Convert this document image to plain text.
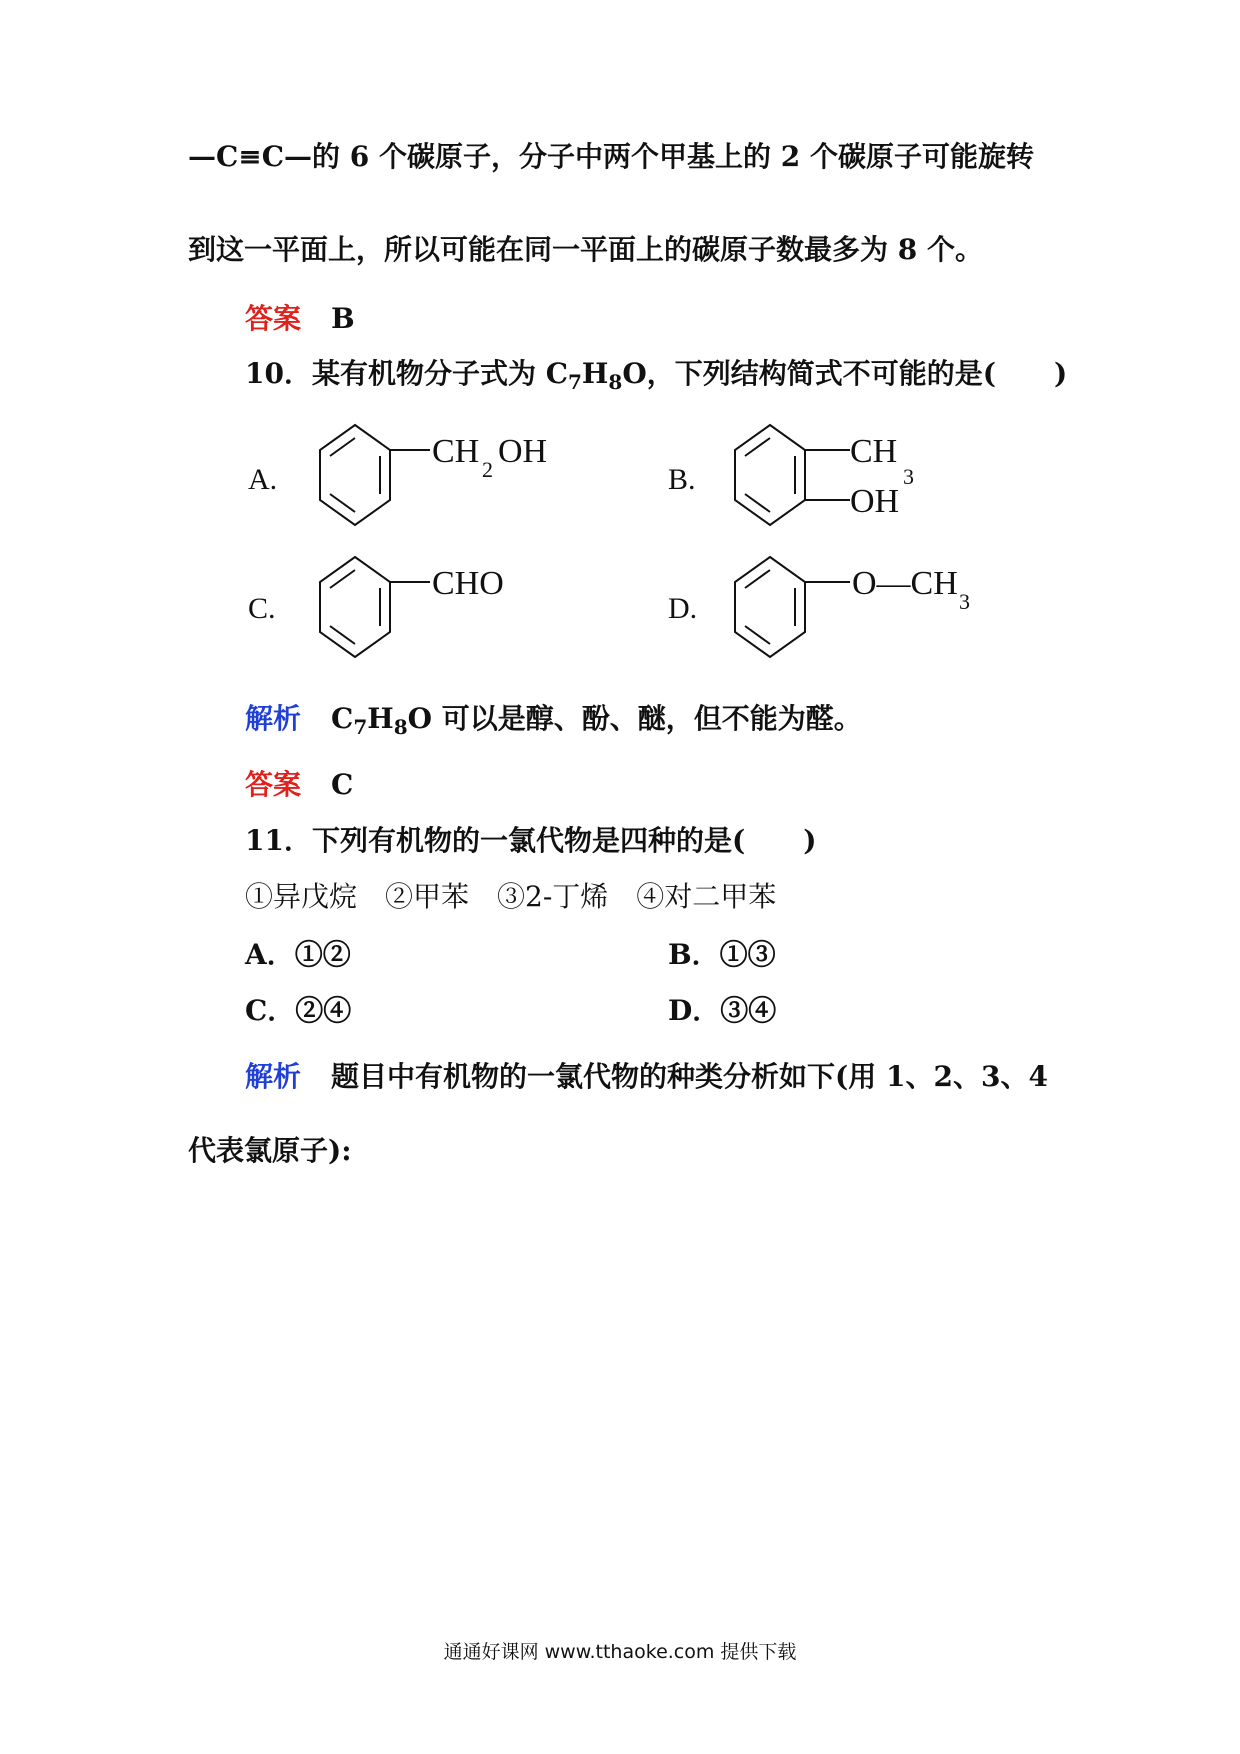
—C≡C—的 6 个碳原子，分子中两个甲基上的 2 个碳原子可能旋转
到这一平面上，所以可能在同一平面上的碳原子数最多为 8 个。
答案 B
10．某有机物分子式为 $C_7H_8O$，下列结构简式不可能的是( )
A.
CH 2 OH
B.
CH
3
OH
C.
CHO
D.
O—CH 3
解析 $C_7H_8O$ 可以是醇、酚、醚，但不能为醛。
答案 C
11．下列有机物的一氯代物是四种的是( )
①异戊烷　②甲苯　③2-丁烯　④对二甲苯
A．①②	B．①③
C．②④	D．③④
解析 题目中有机物的一氯代物的种类分析如下(用 1、2、3、4
代表氯原子):
通通好课网 www.tthaoke.com 提供下载
